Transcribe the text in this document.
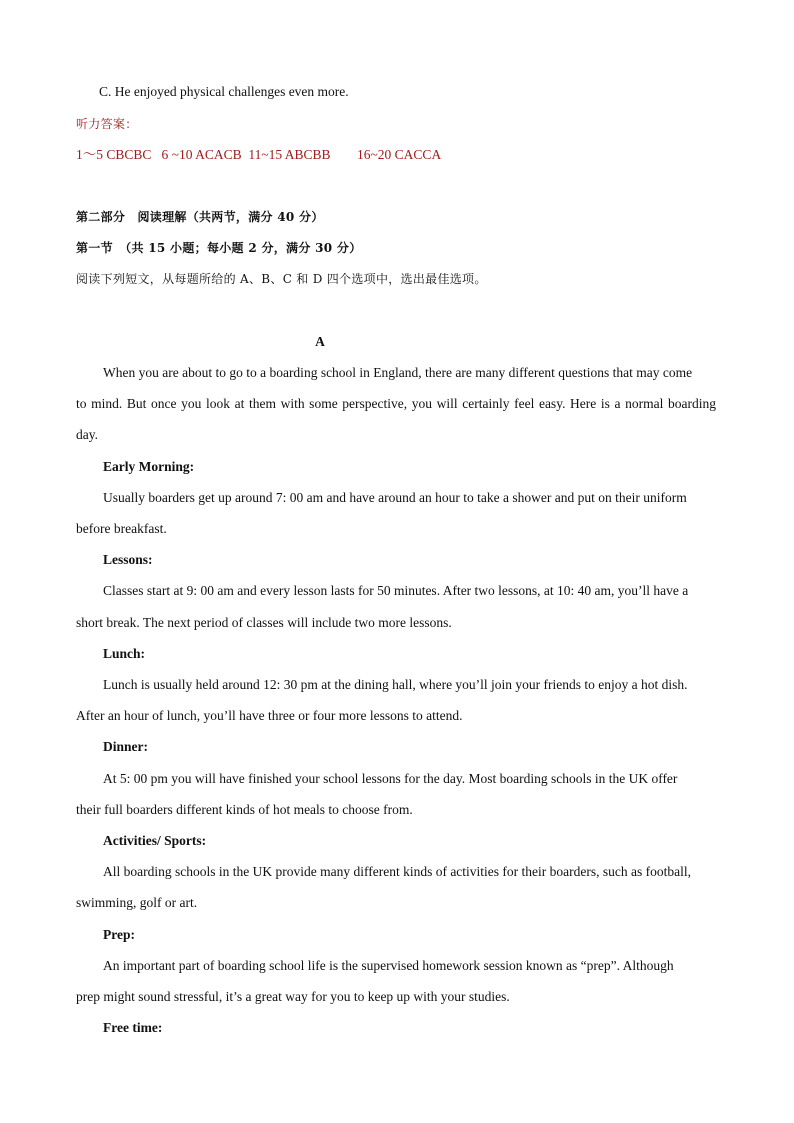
C. He enjoyed physical challenges even more.
听力答案：
1～5 CBCBC   6 ~10 ACACB  11~15 ABCBB 16~20 CACCA
第二部分　阅读理解（共两节，满分 40 分）
第一节　（共 15 小题；每小题 2 分，满分 30 分）
阅读下列短文，从每题所给的 A、B、C 和 D 四个选项中，选出最佳选项。
A
When you are about to go to a boarding school in England, there are many different questions that may come
to mind. But once you look at them with some perspective, you will certainly feel easy. Here is a normal boarding
day.
Early Morning:
Usually boarders get up around 7: 00 am and have around an hour to take a shower and put on their uniform
before breakfast.
Lessons:
Classes start at 9: 00 am and every lesson lasts for 50 minutes. After two lessons, at 10: 40 am, you’ll have a
short break. The next period of classes will include two more lessons.
Lunch:
Lunch is usually held around 12: 30 pm at the dining hall, where you’ll join your friends to enjoy a hot dish.
After an hour of lunch, you’ll have three or four more lessons to attend.
Dinner:
At 5: 00 pm you will have finished your school lessons for the day. Most boarding schools in the UK offer
their full boarders different kinds of hot meals to choose from.
Activities/ Sports:
All boarding schools in the UK provide many different kinds of activities for their boarders, such as football,
swimming, golf or art.
Prep:
An important part of boarding school life is the supervised homework session known as “prep”. Although
prep might sound stressful, it’s a great way for you to keep up with your studies.
Free time:
